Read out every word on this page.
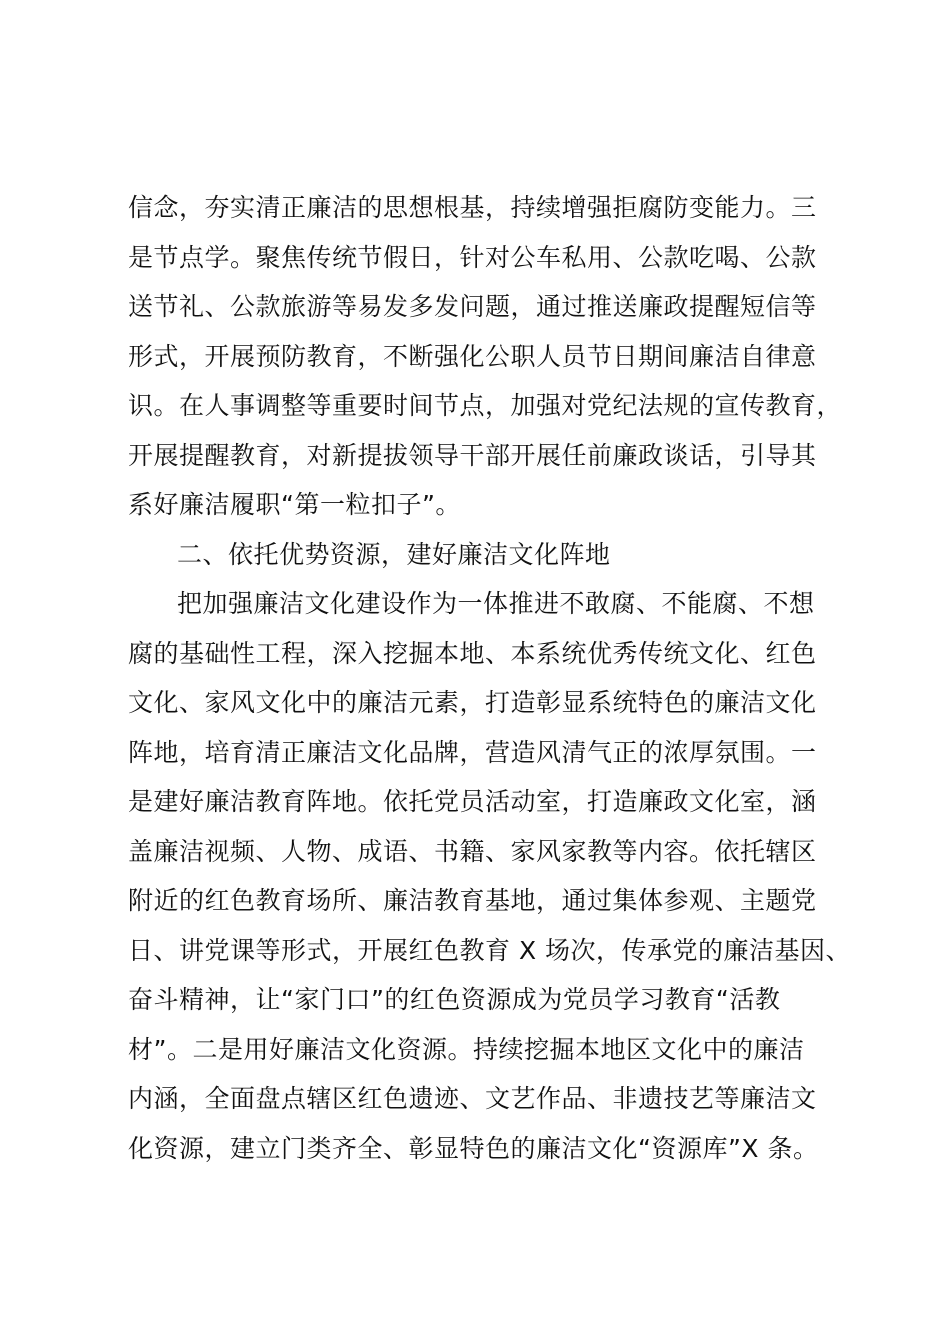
信念，夯实清正廉洁的思想根基，持续增强拒腐防变能力。三
是节点学。聚焦传统节假日，针对公车私用、公款吃喝、公款
送节礼、公款旅游等易发多发问题，通过推送廉政提醒短信等
形式，开展预防教育，不断强化公职人员节日期间廉洁自律意
识。在人事调整等重要时间节点，加强对党纪法规的宣传教育，
开展提醒教育，对新提拔领导干部开展任前廉政谈话，引导其
系好廉洁履职“第一粒扣子”。
二、依托优势资源，建好廉洁文化阵地
把加强廉洁文化建设作为一体推进不敢腐、不能腐、不想
腐的基础性工程，深入挖掘本地、本系统优秀传统文化、红色
文化、家风文化中的廉洁元素，打造彰显系统特色的廉洁文化
阵地，培育清正廉洁文化品牌，营造风清气正的浓厚氛围。一
是建好廉洁教育阵地。依托党员活动室，打造廉政文化室，涵
盖廉洁视频、人物、成语、书籍、家风家教等内容。依托辖区
附近的红色教育场所、廉洁教育基地，通过集体参观、主题党
日、讲党课等形式，开展红色教育 X 场次，传承党的廉洁基因、
奋斗精神，让“家门口”的红色资源成为党员学习教育“活教
材”。二是用好廉洁文化资源。持续挖掘本地区文化中的廉洁
内涵，全面盘点辖区红色遗迹、文艺作品、非遗技艺等廉洁文
化资源，建立门类齐全、彰显特色的廉洁文化“资源库”X 条。
